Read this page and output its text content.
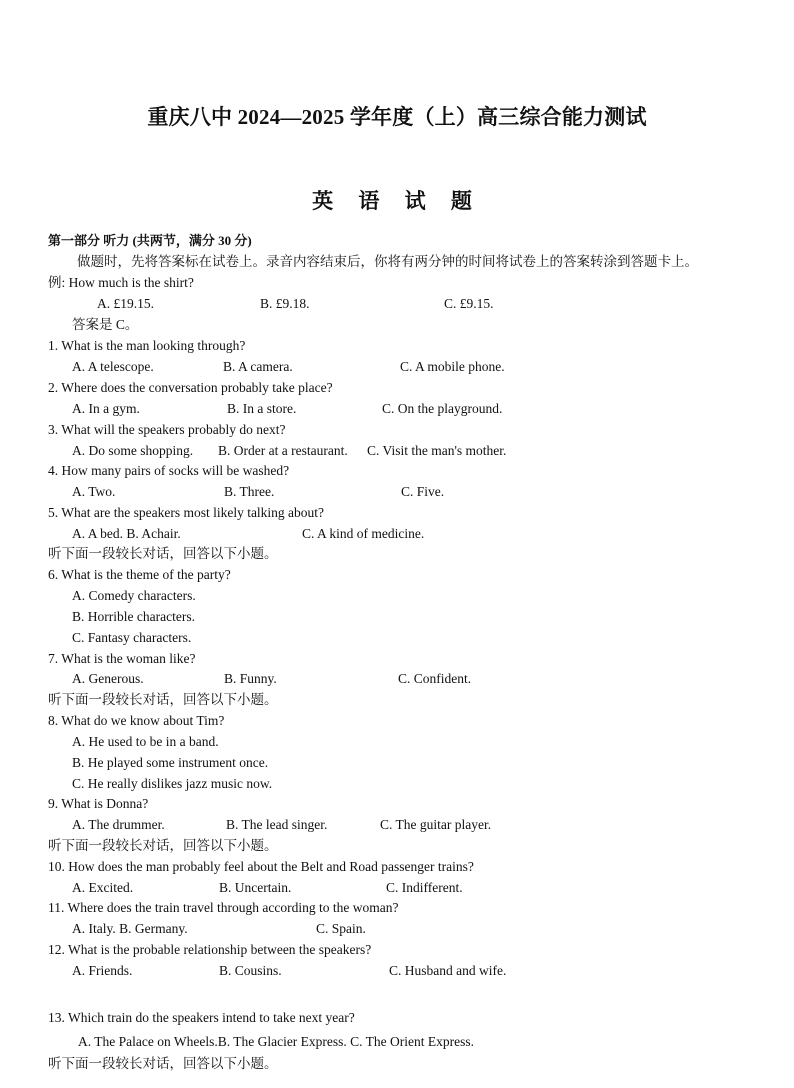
重庆八中 2024—2025 学年度（上）高三综合能力测试
英 语 试 题
第一部分 听力 (共两节，满分 30 分)
做题时，先将答案标在试卷上。录音内容结束后，你将有两分钟的时间将试卷上的答案转涂到答题卡上。
例: How much is the shirt?
A. £19.15.	B. £9.18.	C. £9.15.
答案是 C。
1. What is the man looking through?
A. A telescope.	B. A camera.	C. A mobile phone.
2. Where does the conversation probably take place?
A. In a gym.	B. In a store.	C. On the playground.
3. What will the speakers probably do next?
A. Do some shopping. B. Order at a restaurant. C. Visit the man's mother.
4. How many pairs of socks will be washed?
A. Two.	B. Three.	C. Five.
5. What are the speakers most likely talking about?
A. A bed. B. Achair.	C. A kind of medicine.
听下面一段较长对话，回答以下小题。
6. What is the theme of the party?
A. Comedy characters.
B. Horrible characters.
C. Fantasy characters.
7. What is the woman like?
A. Generous.	B. Funny.	C. Confident.
听下面一段较长对话，回答以下小题。
8. What do we know about Tim?
A. He used to be in a band.
B. He played some instrument once.
C. He really dislikes jazz music now.
9. What is Donna?
A. The drummer.	B. The lead singer.	C. The guitar player.
听下面一段较长对话，回答以下小题。
10. How does the man probably feel about the Belt and Road passenger trains?
A. Excited.	B. Uncertain.	C. Indifferent.
11. Where does the train travel through according to the woman?
A. Italy. B. Germany.	C. Spain.
12. What is the probable relationship between the speakers?
A. Friends.	B. Cousins.	C. Husband and wife.
13. Which train do the speakers intend to take next year?
A. The Palace on Wheels.B. The Glacier Express. C. The Orient Express.
听下面一段较长对话，回答以下小题。
